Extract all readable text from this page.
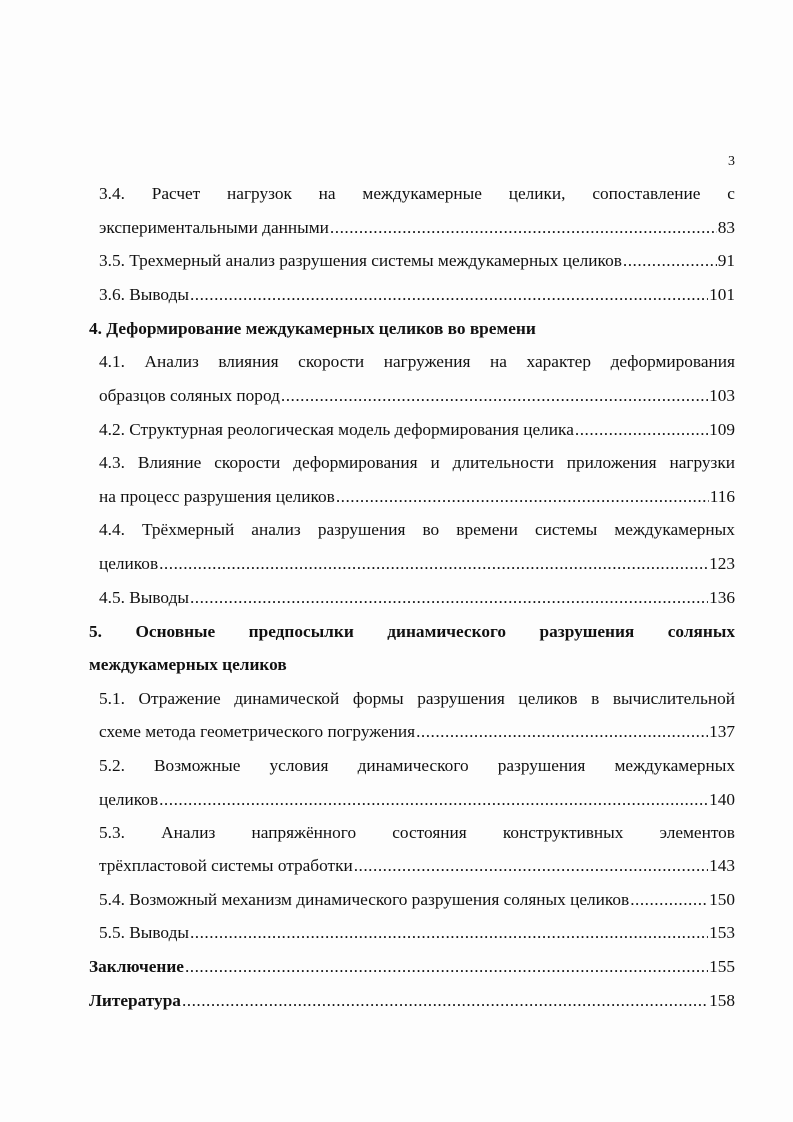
3
3.4. Расчет нагрузок на междукамерные целики, сопоставление с
экспериментальными данными .....	83
3.5. Трехмерный анализ разрушения системы междукамерных целиков .....	91
3.6. Выводы .....	101
4. Деформирование междукамерных целиков во времени
4.1. Анализ влияния скорости нагружения на характер деформирования
образцов соляных пород .....	103
4.2. Структурная реологическая модель деформирования целика .....	109
4.3. Влияние скорости деформирования и длительности приложения нагрузки
на процесс разрушения целиков .....	116
4.4. Трёхмерный анализ разрушения во времени системы междукамерных
целиков .....	123
4.5. Выводы .....	136
5. Основные предпосылки динамического разрушения соляных
междукамерных целиков
5.1. Отражение динамической формы разрушения целиков в вычислительной
схеме метода геометрического погружения .....	137
5.2. Возможные условия динамического разрушения междукамерных
целиков .....	140
5.3. Анализ напряжённого состояния конструктивных элементов
трёхпластовой системы отработки .....	143
5.4. Возможный механизм динамического разрушения соляных целиков .....	150
5.5. Выводы .....	153
Заключение .....	155
Литература .....	158
